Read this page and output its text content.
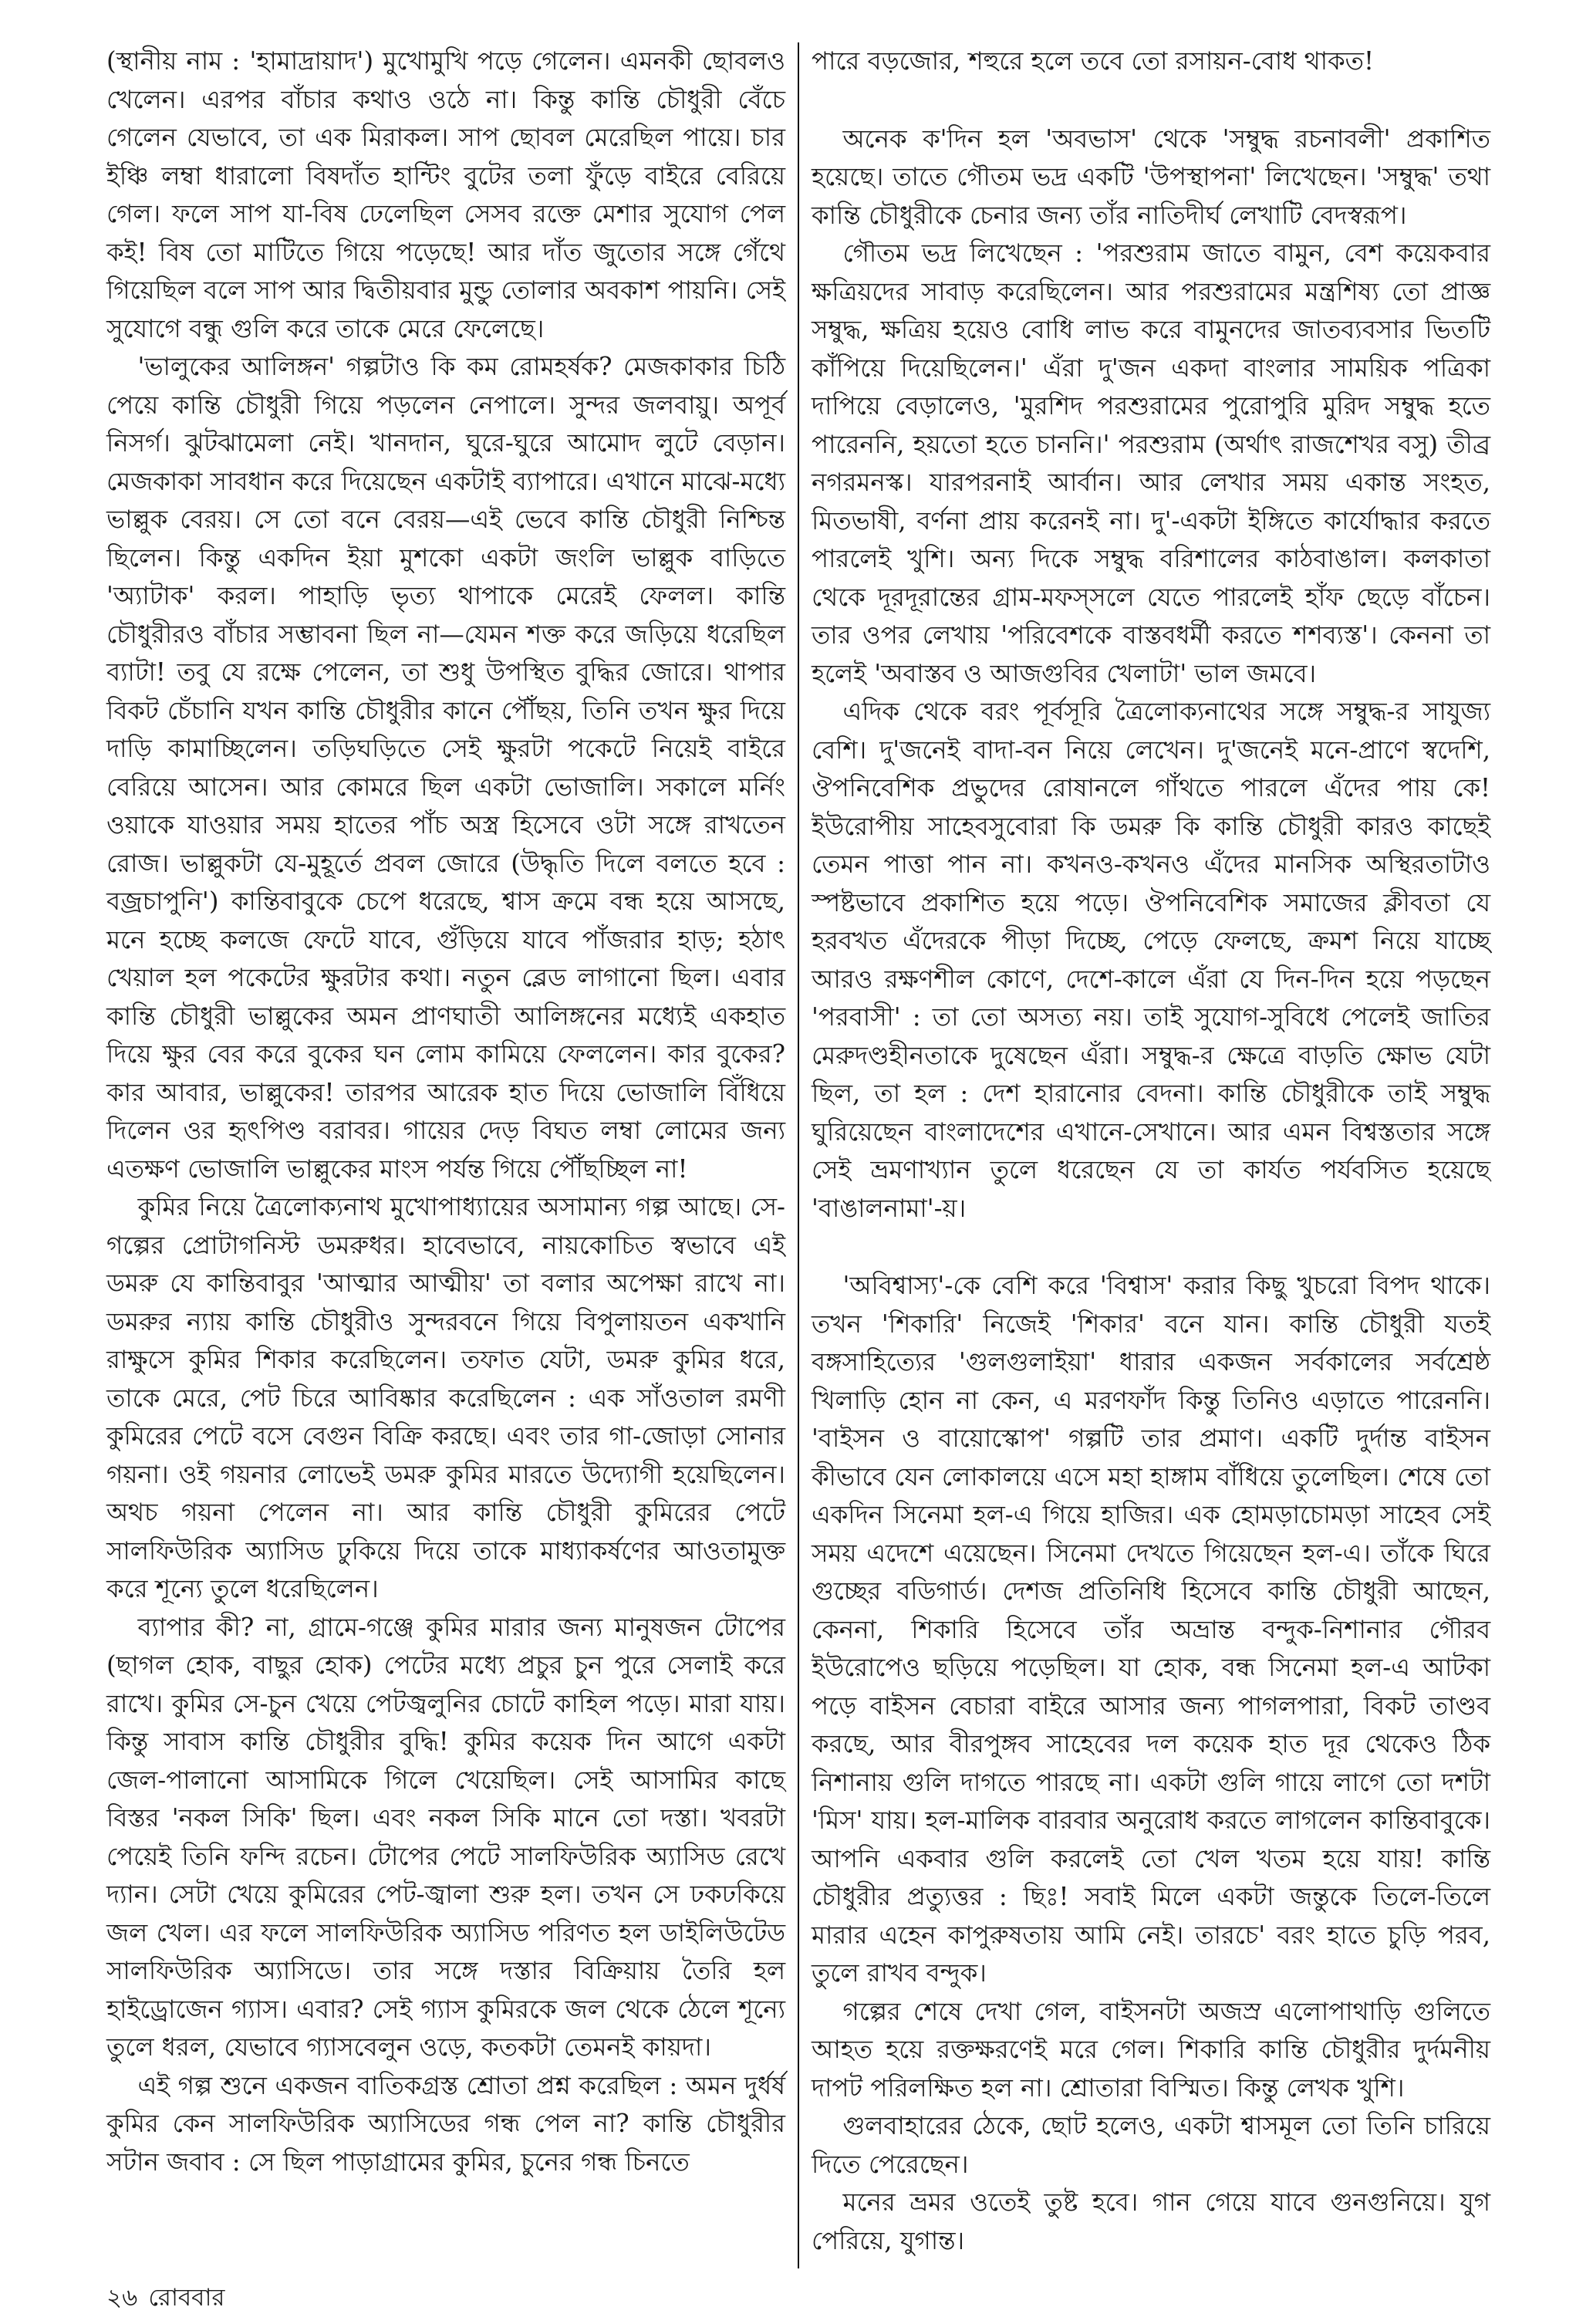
(স্থানীয় নাম : 'হামাদ্রায়াদ') মুখোমুখি পড়ে গেলেন। এমনকী ছোবলও খেলেন। এরপর বাঁচার কথাও ওঠে না। কিন্তু কান্তি চৌধুরী বেঁচে গেলেন যেভাবে, তা এক মিরাকল। সাপ ছোবল মেরেছিল পায়ে। চার ইঞ্চি লম্বা ধারালো বিষদাঁত হান্টিং বুটের তলা ফুঁড়ে বাইরে বেরিয়ে গেল। ফলে সাপ যা-বিষ ঢেলেছিল সেসব রক্তে মেশার সুযোগ পেল কই! বিষ তো মাটিতে গিয়ে পড়েছে! আর দাঁত জুতোর সঙ্গে গেঁথে গিয়েছিল বলে সাপ আর দ্বিতীয়বার মুন্ডু তোলার অবকাশ পায়নি। সেই সুযোগে বন্ধু গুলি করে তাকে মেরে ফেলেছে।

'ভালুকের আলিঙ্গন' গল্পটাও কি কম রোমহর্ষক? মেজকাকার চিঠি পেয়ে কান্তি চৌধুরী গিয়ে পড়লেন নেপালে। সুন্দর জলবায়ু। অপূর্ব নিসর্গ। ঝুটঝামেলা নেই। খানদান, ঘুরে-ঘুরে আমোদ লুটে বেড়ান। মেজকাকা সাবধান করে দিয়েছেন একটাই ব্যাপারে। এখানে মাঝে-মধ্যে ভাল্লুক বেরয়। সে তো বনে বেরয়—এই ভেবে কান্তি চৌধুরী নিশ্চিন্ত ছিলেন। কিন্তু একদিন ইয়া মুশকো একটা জংলি ভাল্লুক বাড়িতে 'অ্যাটাক' করল। পাহাড়ি ভৃত্য থাপাকে মেরেই ফেলল। কান্তি চৌধুরীরও বাঁচার সম্ভাবনা ছিল না—যেমন শক্ত করে জড়িয়ে ধরেছিল ব্যাটা! তবু যে রক্ষে পেলেন, তা শুধু উপস্থিত বুদ্ধির জোরে। থাপার বিকট চেঁচানি যখন কান্তি চৌধুরীর কানে পৌঁছয়, তিনি তখন ক্ষুর দিয়ে দাড়ি কামাচ্ছিলেন। তড়িঘড়িতে সেই ক্ষুরটা পকেটে নিয়েই বাইরে বেরিয়ে আসেন। আর কোমরে ছিল একটা ভোজালি। সকালে মর্নিং ওয়াকে যাওয়ার সময় হাতের পাঁচ অস্ত্র হিসেবে ওটা সঙ্গে রাখতেন রোজ। ভাল্লুকটা যে-মুহূর্তে প্রবল জোরে (উদ্ধৃতি দিলে বলতে হবে : বজ্রচাপুনি') কান্তিবাবুকে চেপে ধরেছে, শ্বাস ক্রমে বন্ধ হয়ে আসছে, মনে হচ্ছে কলজে ফেটে যাবে, গুঁড়িয়ে যাবে পাঁজরার হাড়; হঠাৎ খেয়াল হল পকেটের ক্ষুরটার কথা। নতুন ব্লেড লাগানো ছিল। এবার কান্তি চৌধুরী ভাল্লুকের অমন প্রাণঘাতী আলিঙ্গনের মধ্যেই একহাত দিয়ে ক্ষুর বের করে বুকের ঘন লোম কামিয়ে ফেললেন। কার বুকের? কার আবার, ভাল্লুকের! তারপর আরেক হাত দিয়ে ভোজালি বিঁধিয়ে দিলেন ওর হৃৎপিণ্ড বরাবর। গায়ের দেড় বিঘত লম্বা লোমের জন্য এতক্ষণ ভোজালি ভাল্লুকের মাংস পর্যন্ত গিয়ে পৌঁছচ্ছিল না!

কুমির নিয়ে ত্রৈলোক্যনাথ মুখোপাধ্যায়ের অসামান্য গল্প আছে। সে-গল্পের প্রোটাগনিস্ট ডমরুধর। হাবেভাবে, নায়কোচিত স্বভাবে এই ডমরু যে কান্তিবাবুর 'আত্মার আত্মীয়' তা বলার অপেক্ষা রাখে না। ডমরুর ন্যায় কান্তি চৌধুরীও সুন্দরবনে গিয়ে বিপুলায়তন একখানি রাক্ষুসে কুমির শিকার করেছিলেন। তফাত যেটা, ডমরু কুমির ধরে, তাকে মেরে, পেট চিরে আবিষ্কার করেছিলেন : এক সাঁওতাল রমণী কুমিরের পেটে বসে বেগুন বিক্রি করছে। এবং তার গা-জোড়া সোনার গয়না। ওই গয়নার লোভেই ডমরু কুমির মারতে উদ্যোগী হয়েছিলেন। অথচ গয়না পেলেন না। আর কান্তি চৌধুরী কুমিরের পেটে সালফিউরিক অ্যাসিড ঢুকিয়ে দিয়ে তাকে মাধ্যাকর্ষণের আওতামুক্ত করে শূন্যে তুলে ধরেছিলেন।

ব্যাপার কী? না, গ্রামে-গঞ্জে কুমির মারার জন্য মানুষজন টোপের (ছাগল হোক, বাছুর হোক) পেটের মধ্যে প্রচুর চুন পুরে সেলাই করে রাখে। কুমির সে-চুন খেয়ে পেটজ্বলুনির চোটে কাহিল পড়ে। মারা যায়। কিন্তু সাবাস কান্তি চৌধুরীর বুদ্ধি! কুমির কয়েক দিন আগে একটা জেল-পালানো আসামিকে গিলে খেয়েছিল। সেই আসামির কাছে বিস্তর 'নকল সিকি' ছিল। এবং নকল সিকি মানে তো দস্তা। খবরটা পেয়েই তিনি ফন্দি রচেন। টোপের পেটে সালফিউরিক অ্যাসিড রেখে দ্যান। সেটা খেয়ে কুমিরের পেট-জ্বালা শুরু হল। তখন সে ঢকঢকিয়ে জল খেল। এর ফলে সালফিউরিক অ্যাসিড পরিণত হল ডাইলিউটেড সালফিউরিক অ্যাসিডে। তার সঙ্গে দস্তার বিক্রিয়ায় তৈরি হল হাইড্রোজেন গ্যাস। এবার? সেই গ্যাস কুমিরকে জল থেকে ঠেলে শূন্যে তুলে ধরল, যেভাবে গ্যাসবেলুন ওড়ে, কতকটা তেমনই কায়দা।

এই গল্প শুনে একজন বাতিকগ্রস্ত শ্রোতা প্রশ্ন করেছিল : অমন দুর্ধর্ষ কুমির কেন সালফিউরিক অ্যাসিডের গন্ধ পেল না? কান্তি চৌধুরীর সটান জবাব : সে ছিল পাড়াগ্রামের কুমির, চুনের গন্ধ চিনতে

পারে বড়জোর, শহুরে হলে তবে তো রসায়ন-বোধ থাকত!

অনেক ক'দিন হল 'অবভাস' থেকে 'সম্বুদ্ধ রচনাবলী' প্রকাশিত হয়েছে। তাতে গৌতম ভদ্র একটি 'উপস্থাপনা' লিখেছেন। 'সম্বুদ্ধ' তথা কান্তি চৌধুরীকে চেনার জন্য তাঁর নাতিদীর্ঘ লেখাটি বেদস্বরূপ।

গৌতম ভদ্র লিখেছেন : 'পরশুরাম জাতে বামুন, বেশ কয়েকবার ক্ষত্রিয়দের সাবাড় করেছিলেন। আর পরশুরামের মন্ত্রশিষ্য তো প্রাজ্ঞ সম্বুদ্ধ, ক্ষত্রিয় হয়েও বোধি লাভ করে বামুনদের জাতব্যবসার ভিতটি কাঁপিয়ে দিয়েছিলেন।' এঁরা দু'জন একদা বাংলার সাময়িক পত্রিকা দাপিয়ে বেড়ালেও, 'মুরশিদ পরশুরামের পুরোপুরি মুরিদ সম্বুদ্ধ হতে পারেননি, হয়তো হতে চাননি।' পরশুরাম (অর্থাৎ রাজশেখর বসু) তীব্র নগরমনস্ক। যারপরনাই আর্বান। আর লেখার সময় একান্ত সংহত, মিতভাষী, বর্ণনা প্রায় করেনই না। দু'-একটা ইঙ্গিতে কার্যোদ্ধার করতে পারলেই খুশি। অন্য দিকে সম্বুদ্ধ বরিশালের কাঠবাঙাল। কলকাতা থেকে দূরদূরান্তের গ্রাম-মফস্‌সলে যেতে পারলেই হাঁফ ছেড়ে বাঁচেন। তার ওপর লেখায় 'পরিবেশকে বাস্তবধর্মী করতে শশব্যস্ত'। কেননা তা হলেই 'অবাস্তব ও আজগুবির খেলাটা' ভাল জমবে।

এদিক থেকে বরং পূর্বসূরি ত্রৈলোক্যনাথের সঙ্গে সম্বুদ্ধ-র সাযুজ্য বেশি। দু'জনেই বাদা-বন নিয়ে লেখেন। দু'জনেই মনে-প্রাণে স্বদেশি, ঔপনিবেশিক প্রভুদের রোষানলে গাঁথতে পারলে এঁদের পায় কে! ইউরোপীয় সাহেবসুবোরা কি ডমরু কি কান্তি চৌধুরী কারও কাছেই তেমন পাত্তা পান না। কখনও-কখনও এঁদের মানসিক অস্থিরতাটাও স্পষ্টভাবে প্রকাশিত হয়ে পড়ে। ঔপনিবেশিক সমাজের ক্লীবতা যে হরবখত এঁদেরকে পীড়া দিচ্ছে, পেড়ে ফেলছে, ক্রমশ নিয়ে যাচ্ছে আরও রক্ষণশীল কোণে, দেশে-কালে এঁরা যে দিন-দিন হয়ে পড়ছেন 'পরবাসী' : তা তো অসত্য নয়। তাই সুযোগ-সুবিধে পেলেই জাতির মেরুদণ্ডহীনতাকে দুষেছেন এঁরা। সম্বুদ্ধ-র ক্ষেত্রে বাড়তি ক্ষোভ যেটা ছিল, তা হল : দেশ হারানোর বেদনা। কান্তি চৌধুরীকে তাই সম্বুদ্ধ ঘুরিয়েছেন বাংলাদেশের এখানে-সেখানে। আর এমন বিশ্বস্ততার সঙ্গে সেই ভ্রমণাখ্যান তুলে ধরেছেন যে তা কার্যত পর্যবসিত হয়েছে 'বাঙালনামা'-য়।

'অবিশ্বাস্য'-কে বেশি করে 'বিশ্বাস' করার কিছু খুচরো বিপদ থাকে। তখন 'শিকারি' নিজেই 'শিকার' বনে যান। কান্তি চৌধুরী যতই বঙ্গসাহিত্যের 'গুলগুলাইয়া' ধারার একজন সর্বকালের সর্বশ্রেষ্ঠ খিলাড়ি হোন না কেন, এ মরণফাঁদ কিন্তু তিনিও এড়াতে পারেননি। 'বাইসন ও বায়োস্কোপ' গল্পটি তার প্রমাণ। একটি দুর্দান্ত বাইসন কীভাবে যেন লোকালয়ে এসে মহা হাঙ্গাম বাঁধিয়ে তুলেছিল। শেষে তো একদিন সিনেমা হল-এ গিয়ে হাজির। এক হোমড়াচোমড়া সাহেব সেই সময় এদেশে এয়েছেন। সিনেমা দেখতে গিয়েছেন হল-এ। তাঁকে ঘিরে গুচ্ছের বডিগার্ড। দেশজ প্রতিনিধি হিসেবে কান্তি চৌধুরী আছেন, কেননা, শিকারি হিসেবে তাঁর অভ্রান্ত বন্দুক-নিশানার গৌরব ইউরোপেও ছড়িয়ে পড়েছিল। যা হোক, বন্ধ সিনেমা হল-এ আটকা পড়ে বাইসন বেচারা বাইরে আসার জন্য পাগলপারা, বিকট তাণ্ডব করছে, আর বীরপুঙ্গব সাহেবের দল কয়েক হাত দূর থেকেও ঠিক নিশানায় গুলি দাগতে পারছে না। একটা গুলি গায়ে লাগে তো দশটা 'মিস' যায়। হল-মালিক বারবার অনুরোধ করতে লাগলেন কান্তিবাবুকে। আপনি একবার গুলি করলেই তো খেল খতম হয়ে যায়! কান্তি চৌধুরীর প্রত্যুত্তর : ছিঃ! সবাই মিলে একটা জন্তুকে তিলে-তিলে মারার এহেন কাপুরুষতায় আমি নেই। তারচে' বরং হাতে চুড়ি পরব, তুলে রাখব বন্দুক।

গল্পের শেষে দেখা গেল, বাইসনটা অজস্র এলোপাথাড়ি গুলিতে আহত হয়ে রক্তক্ষরণেই মরে গেল। শিকারি কান্তি চৌধুরীর দুর্দমনীয় দাপট পরিলক্ষিত হল না। শ্রোতারা বিস্মিত। কিন্তু লেখক খুশি।

গুলবাহারের ঠেকে, ছোট হলেও, একটা শ্বাসমূল তো তিনি চারিয়ে দিতে পেরেছেন।

মনের ভ্রমর ওতেই তুষ্ট হবে। গান গেয়ে যাবে গুনগুনিয়ে। যুগ পেরিয়ে, যুগান্ত।

২৬ রোববার
